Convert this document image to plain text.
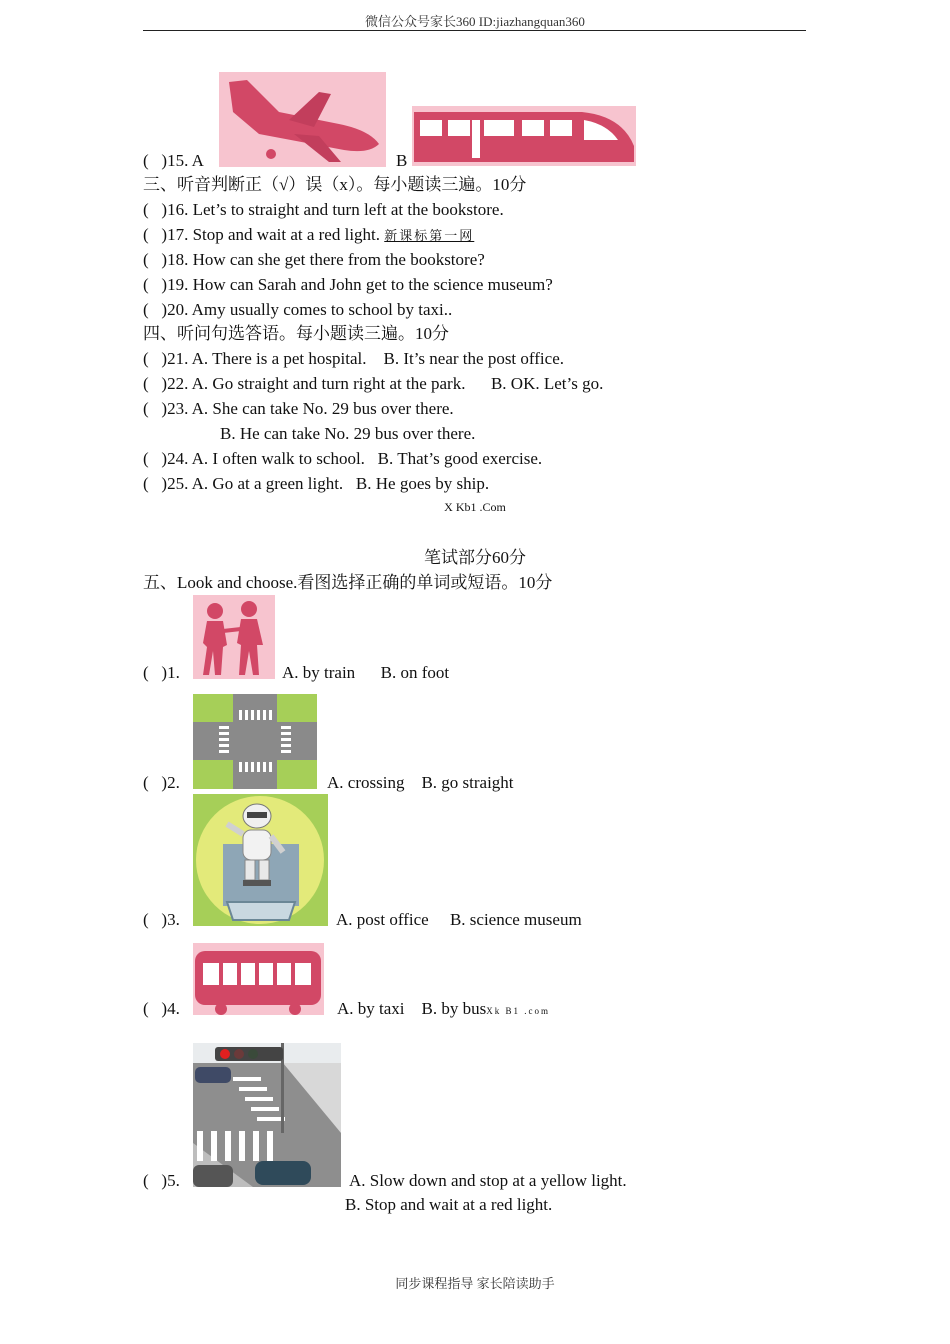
微信公众号家长360 ID:jiazhangquan360
( )15. A	B
三、听音判断正（√）误（x）。每小题读三遍。10分
( )16. Let’s to straight and turn left at the bookstore.
( )17. Stop and wait at a red light. 新课标第一网
( )18. How can she get there from the bookstore?
( )19. How can Sarah and John get to the science museum?
( )20. Amy usually comes to school by taxi..
四、听问句选答语。每小题读三遍。10分
( )21. A. There is a pet hospital.    B. It’s near the post office.
( )22. A. Go straight and turn right at the park.      B. OK. Let’s go.
( )23. A. She can take No. 29 bus over there.
B. He can take No. 29 bus over there.
( )24. A. I often walk to school.   B. That’s good exercise.
( )25. A. Go at a green light.   B. He goes by ship.
X Kb1 .Com
笔试部分60分
五、Look and choose.看图选择正确的单词或短语。10分
( )1.	A. by train      B. on foot
( )2.	A. crossing    B. go straight
( )3.	A. post office     B. science museum
( )4.	A. by taxi    B. by busXk B1 .com
( )5.	A. Slow down and stop at a yellow light.
B. Stop and wait at a red light.
同步课程指导 家长陪读助手
